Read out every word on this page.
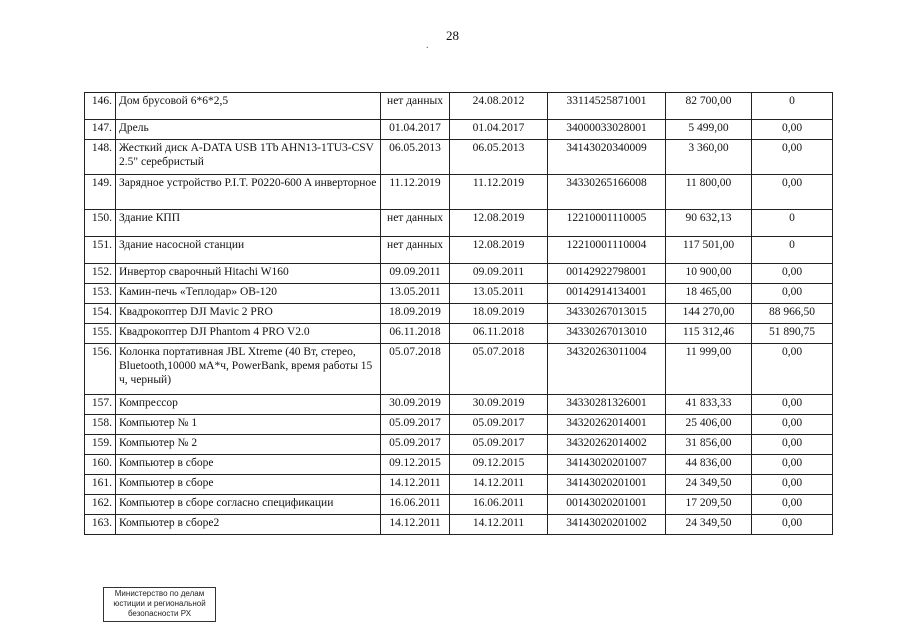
28
.
146.	Дом брусовой 6*6*2,5	нет данных	24.08.2012	33114525871001	82 700,00	0
147.	Дрель	01.04.2017	01.04.2017	34000033028001	5 499,00	0,00
148.	Жесткий диск A-DATA USB 1Tb AHN13-1TU3-CSV 2.5" серебристый	06.05.2013	06.05.2013	34143020340009	3 360,00	0,00
149.	Зарядное устройство P.I.T. P0220-600 A инверторное	11.12.2019	11.12.2019	34330265166008	11 800,00	0,00
150.	Здание КПП	нет данных	12.08.2019	12210001110005	90 632,13	0
151.	Здание насосной станции	нет данных	12.08.2019	12210001110004	117 501,00	0
152.	Инвертор сварочный Hitachi W160	09.09.2011	09.09.2011	00142922798001	10 900,00	0,00
153.	Камин-печь «Теплодар» ОВ-120	13.05.2011	13.05.2011	00142914134001	18 465,00	0,00
154.	Квадрокоптер DJI Mavic 2 PRO	18.09.2019	18.09.2019	34330267013015	144 270,00	88 966,50
155.	Квадрокоптер DJI Phantom 4 PRO V2.0	06.11.2018	06.11.2018	34330267013010	115 312,46	51 890,75
156.	Колонка портативная JBL Xtreme (40 Вт, стерео, Bluetooth,10000 мА*ч, PowerBank, время работы 15 ч, черный)	05.07.2018	05.07.2018	34320263011004	11 999,00	0,00
157.	Компрессор	30.09.2019	30.09.2019	34330281326001	41 833,33	0,00
158.	Компьютер № 1	05.09.2017	05.09.2017	34320262014001	25 406,00	0,00
159.	Компьютер № 2	05.09.2017	05.09.2017	34320262014002	31 856,00	0,00
160.	Компьютер в сборе	09.12.2015	09.12.2015	34143020201007	44 836,00	0,00
161.	Компьютер в сборе	14.12.2011	14.12.2011	34143020201001	24 349,50	0,00
162.	Компьютер в сборе согласно спецификации	16.06.2011	16.06.2011	00143020201001	17 209,50	0,00
163.	Компьютер в сборе2	14.12.2011	14.12.2011	34143020201002	24 349,50	0,00
Министерство по делам
юстиции и региональной
безопасности РХ
